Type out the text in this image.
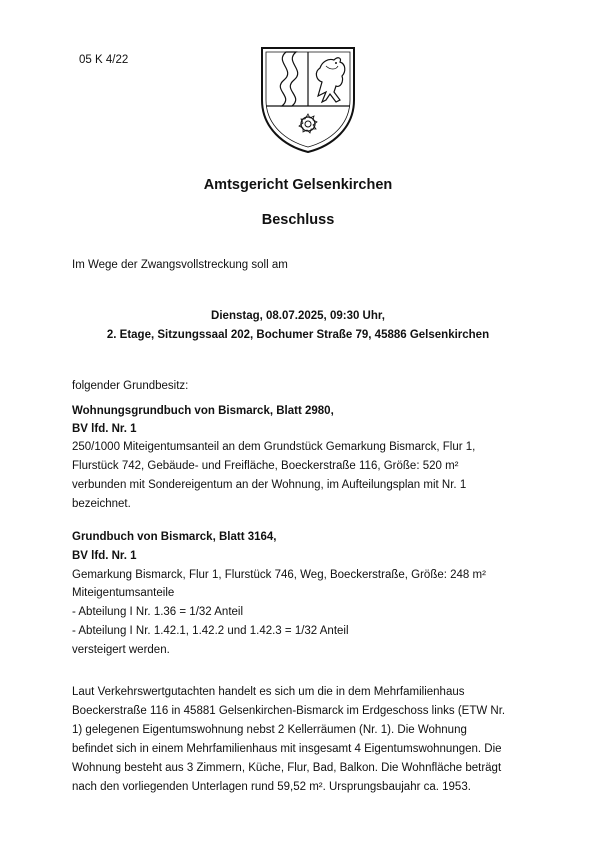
05 K 4/22
Amtsgericht Gelsenkirchen
Beschluss
Im Wege der Zwangsvollstreckung soll am
Dienstag, 08.07.2025, 09:30 Uhr,
2. Etage, Sitzungssaal 202, Bochumer Straße 79, 45886 Gelsenkirchen
folgender Grundbesitz:
Wohnungsgrundbuch von Bismarck, Blatt 2980,
BV lfd. Nr. 1
250/1000 Miteigentumsanteil an dem Grundstück Gemarkung Bismarck, Flur 1,
Flurstück 742, Gebäude- und Freifläche, Boeckerstraße 116, Größe: 520 m²
verbunden mit Sondereigentum an der Wohnung, im Aufteilungsplan mit Nr. 1
bezeichnet.
Grundbuch von Bismarck, Blatt 3164,
BV lfd. Nr. 1
Gemarkung Bismarck, Flur 1, Flurstück 746, Weg, Boeckerstraße, Größe: 248 m²
Miteigentumsanteile
- Abteilung I Nr. 1.36 = 1/32 Anteil
- Abteilung I Nr. 1.42.1, 1.42.2 und 1.42.3 = 1/32 Anteil
versteigert werden.
Laut Verkehrswertgutachten handelt es sich um die in dem Mehrfamilienhaus
Boeckerstraße 116 in 45881 Gelsenkirchen-Bismarck im Erdgeschoss links (ETW Nr.
1) gelegenen Eigentumswohnung nebst 2 Kellerräumen (Nr. 1). Die Wohnung
befindet sich in einem Mehrfamilienhaus mit insgesamt 4 Eigentumswohnungen. Die
Wohnung besteht aus 3 Zimmern, Küche, Flur, Bad, Balkon. Die Wohnfläche beträgt
nach den vorliegenden Unterlagen rund 59,52 m². Ursprungsbaujahr ca. 1953.
